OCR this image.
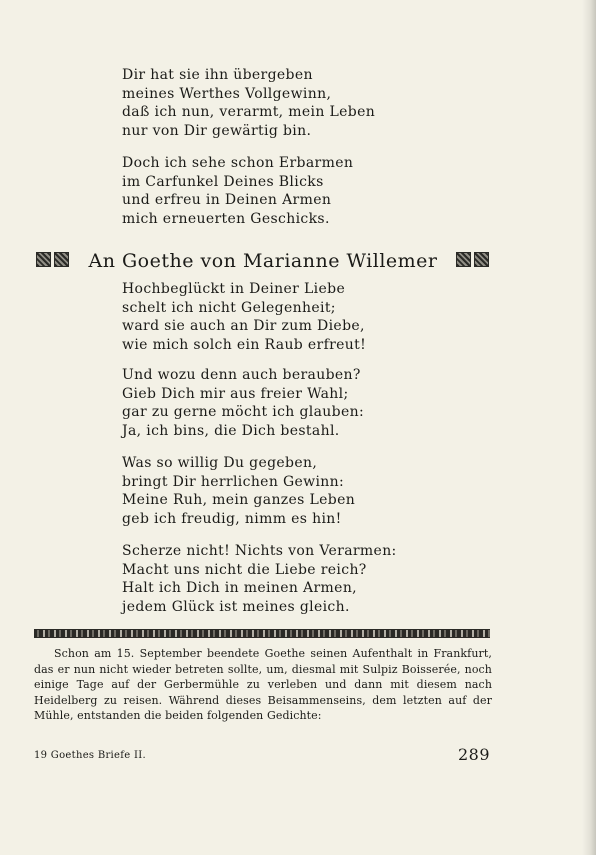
Dir hat sie ihn übergeben
meines Werthes Vollgewinn,
daß ich nun, verarmt, mein Leben
nur von Dir gewärtig bin.
Doch ich sehe schon Erbarmen
im Carfunkel Deines Blicks
und erfreu in Deinen Armen
mich erneuerten Geschicks.
An Goethe von Marianne Willemer
Hochbeglückt in Deiner Liebe
schelt ich nicht Gelegenheit;
ward sie auch an Dir zum Diebe,
wie mich solch ein Raub erfreut!
Und wozu denn auch berauben?
Gieb Dich mir aus freier Wahl;
gar zu gerne möcht ich glauben:
Ja, ich bins, die Dich bestahl.
Was so willig Du gegeben,
bringt Dir herrlichen Gewinn:
Meine Ruh, mein ganzes Leben
geb ich freudig, nimm es hin!
Scherze nicht! Nichts von Verarmen:
Macht uns nicht die Liebe reich?
Halt ich Dich in meinen Armen,
jedem Glück ist meines gleich.

Schon am 15. September beendete Goethe seinen Aufenthalt in Frankfurt, das er nun nicht wieder betreten sollte, um, diesmal mit Sulpiz Boisserée, noch einige Tage auf der Gerbermühle zu verleben und dann mit diesem nach Heidelberg zu reisen. Während dieses Beisammenseins, dem letzten auf der Mühle, entstanden die beiden folgenden Gedichte:

19 Goethes Briefe II.	289
